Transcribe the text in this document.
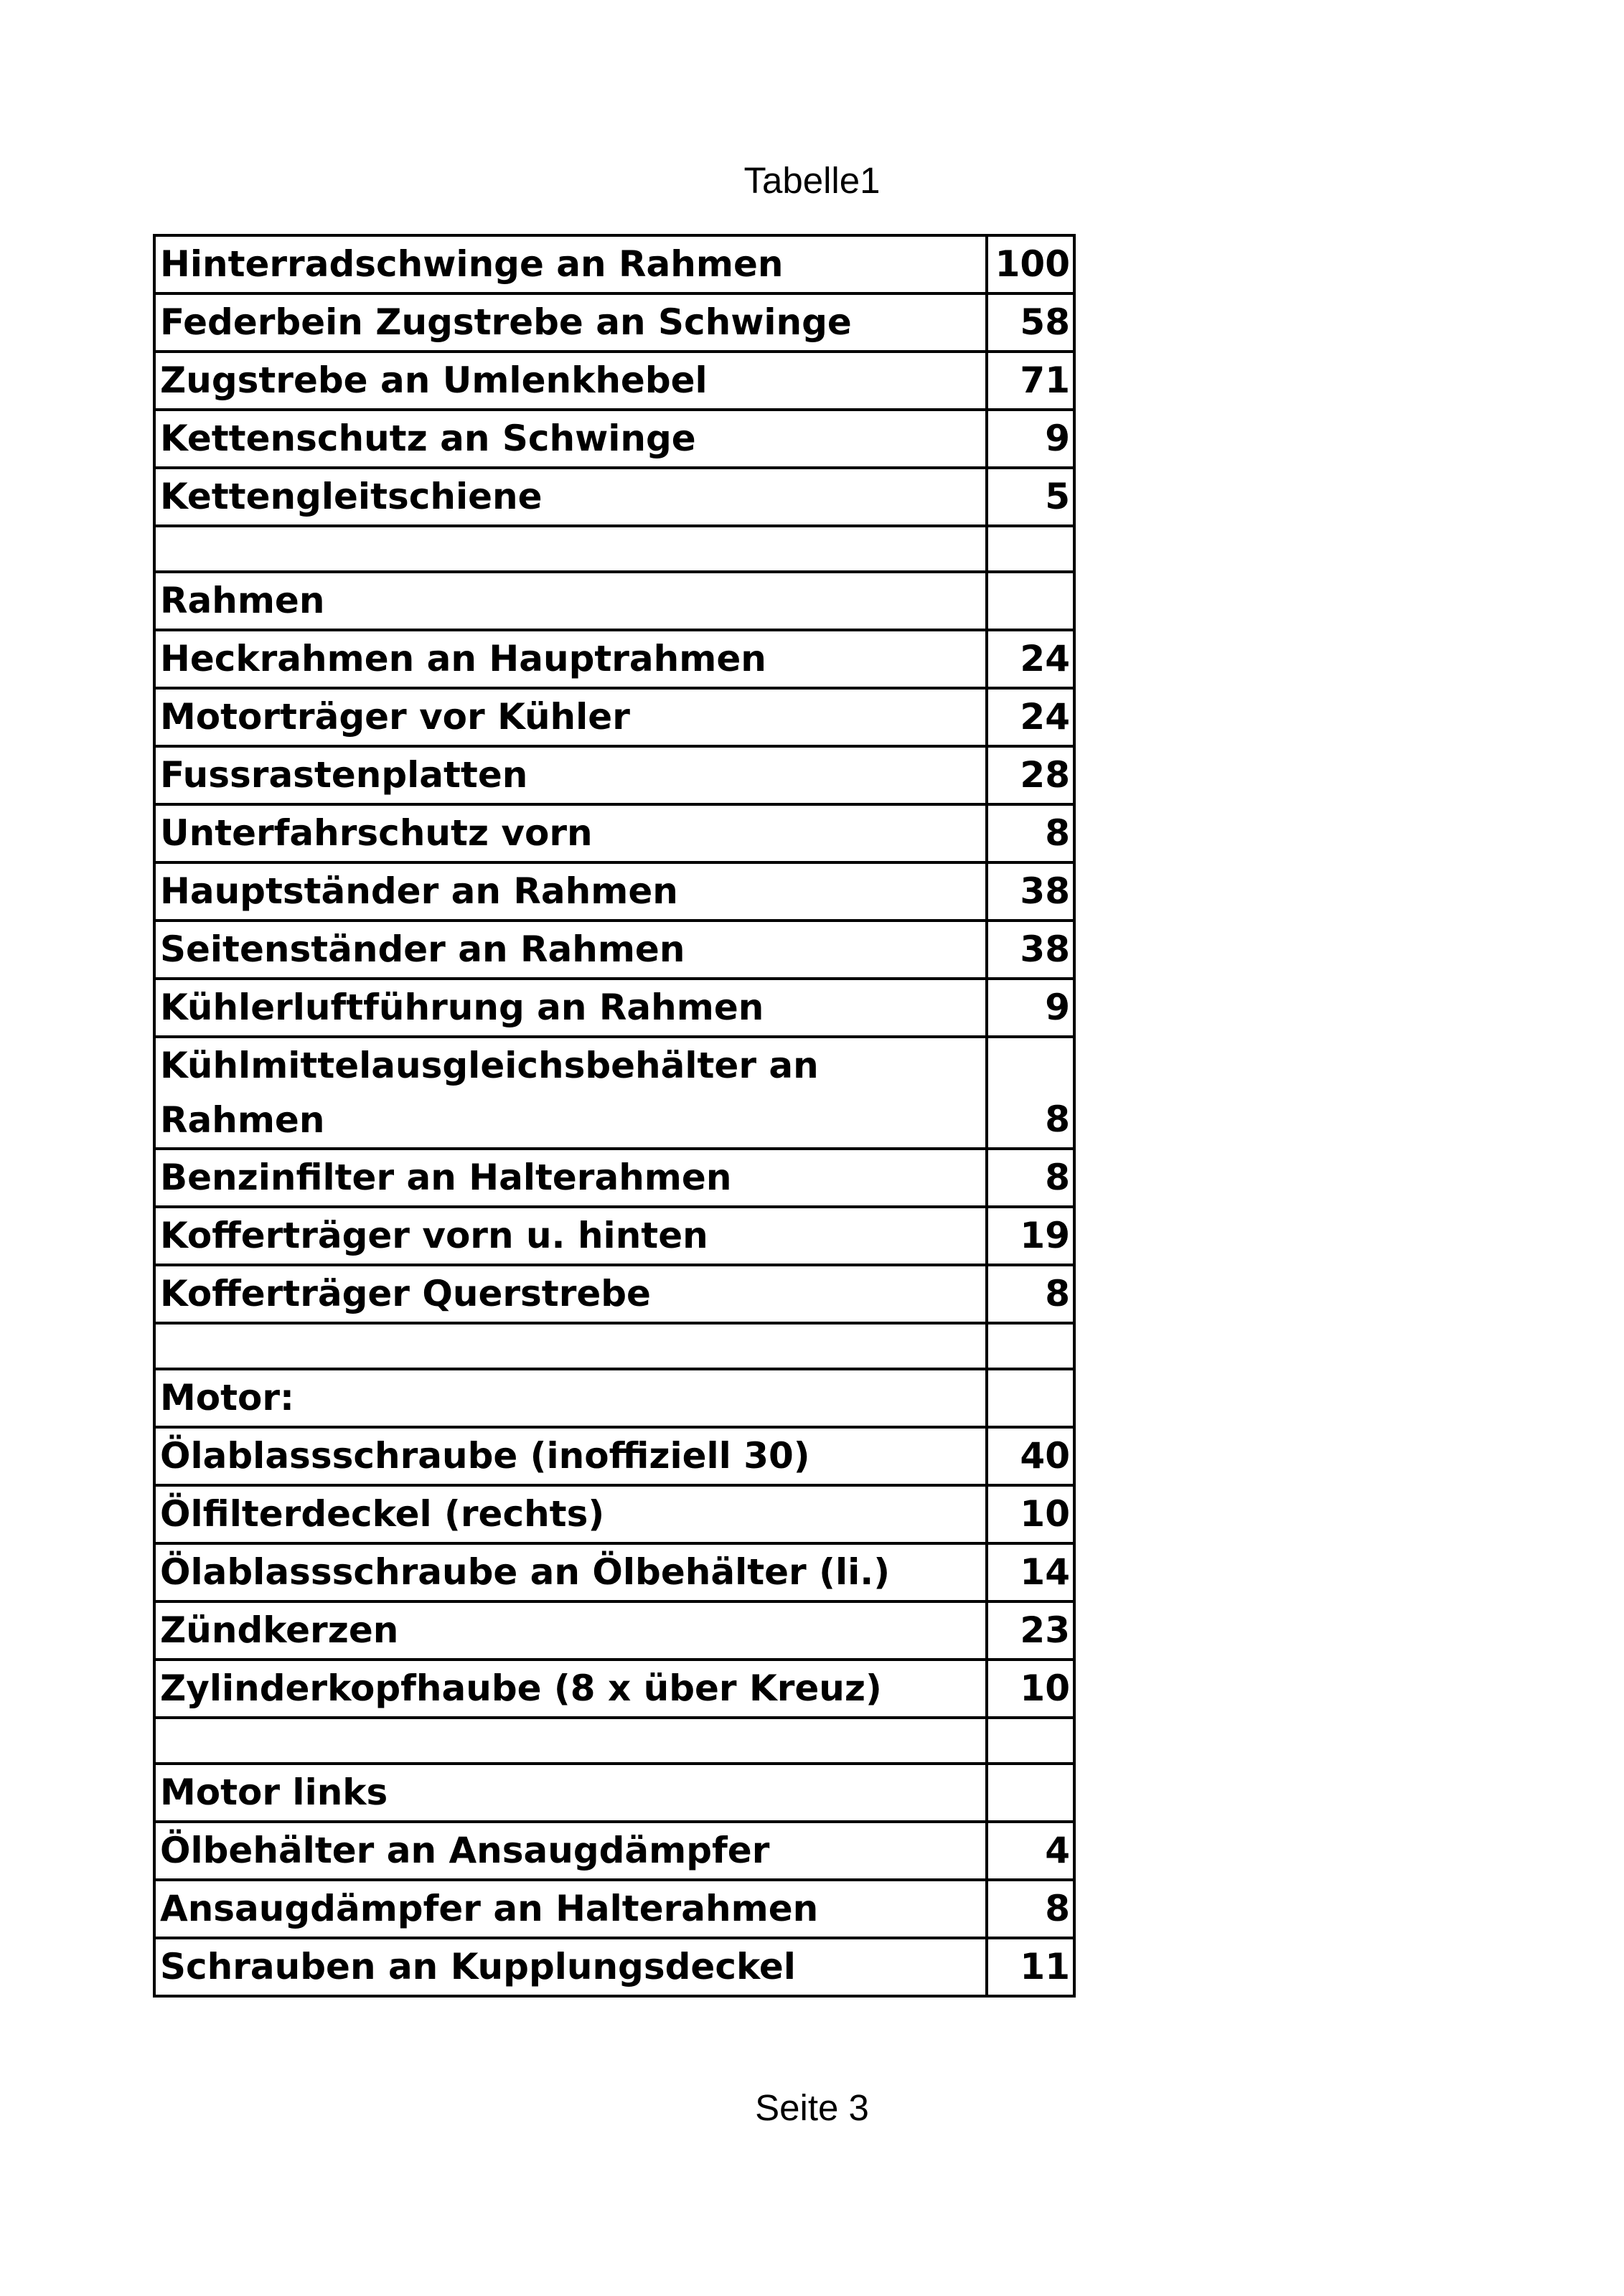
Tabelle1
Hinterradschwinge an Rahmen	100
Federbein Zugstrebe an Schwinge	58
Zugstrebe an Umlenkhebel	71
Kettenschutz an Schwinge	9
Kettengleitschiene	5

Rahmen	
Heckrahmen an Hauptrahmen	24
Motorträger vor Kühler	24
Fussrastenplatten	28
Unterfahrschutz vorn	8
Hauptständer an Rahmen	38
Seitenständer an Rahmen	38
Kühlerluftführung an Rahmen	9
Kühlmittelausgleichsbehälter an Rahmen	8
Benzinfilter an Halterahmen	8
Kofferträger vorn u. hinten	19
Kofferträger Querstrebe	8

Motor:	
Ölablassschraube (inoffiziell 30)	40
Ölfilterdeckel (rechts)	10
Ölablassschraube an Ölbehälter (li.)	14
Zündkerzen	23
Zylinderkopfhaube (8 x über Kreuz)	10

Motor links	
Ölbehälter an Ansaugdämpfer	4
Ansaugdämpfer an Halterahmen	8
Schrauben an Kupplungsdeckel	11
Seite 3
